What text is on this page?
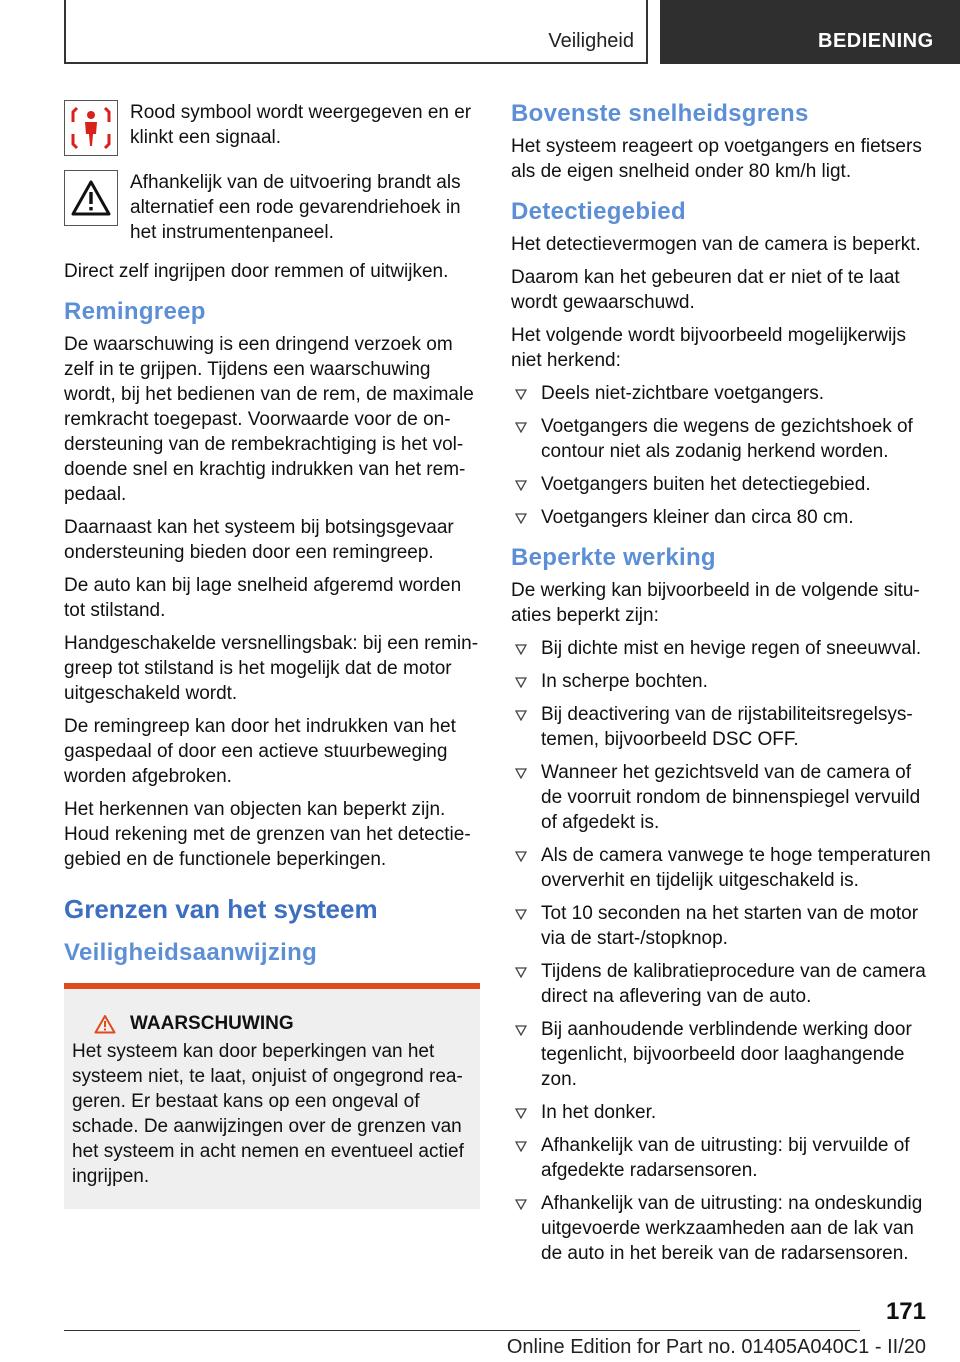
Veiligheid	BEDIENING

Rood symbool wordt weergegeven en er klinkt een signaal.

Afhankelijk van de uitvoering brandt als alternatief een rode gevarendriehoek in het instrumentenpaneel.

Direct zelf ingrijpen door remmen of uitwijken.

Remingreep

De waarschuwing is een dringend verzoek om zelf in te grijpen. Tijdens een waarschuwing wordt, bij het bedienen van de rem, de maximale remkracht toegepast. Voorwaarde voor de ondersteuning van de rembekrachtiging is het voldoende snel en krachtig indrukken van het rempedaal.

Daarnaast kan het systeem bij botsingsgevaar ondersteuning bieden door een remingreep.

De auto kan bij lage snelheid afgeremd worden tot stilstand.

Handgeschakelde versnellingsbak: bij een remingreep tot stilstand is het mogelijk dat de motor uitgeschakeld wordt.

De remingreep kan door het indrukken van het gaspedaal of door een actieve stuurbeweging worden afgebroken.

Het herkennen van objecten kan beperkt zijn. Houd rekening met de grenzen van het detectiegebied en de functionele beperkingen.

Grenzen van het systeem
Veiligheidsaanwijzing
WAARSCHUWING

Het systeem kan door beperkingen van het systeem niet, te laat, onjuist of ongegrond reageren. Er bestaat kans op een ongeval of schade. De aanwijzingen over de grenzen van het systeem in acht nemen en eventueel actief ingrijpen.

Bovenste snelheidsgrens

Het systeem reageert op voetgangers en fietsers als de eigen snelheid onder 80 km/h ligt.

Detectiegebied

Het detectievermogen van de camera is beperkt.

Daarom kan het gebeuren dat er niet of te laat wordt gewaarschuwd.

Het volgende wordt bijvoorbeeld mogelijkerwijs niet herkend:

Deels niet-zichtbare voetgangers.
Voetgangers die wegens de gezichtshoek of contour niet als zodanig herkend worden.
Voetgangers buiten het detectiegebied.
Voetgangers kleiner dan circa 80 cm.
Beperkte werking

De werking kan bijvoorbeeld in de volgende situaties beperkt zijn:

Bij dichte mist en hevige regen of sneeuwval.
In scherpe bochten.
Bij deactivering van de rijstabiliteitsregelsystemen, bijvoorbeeld DSC OFF.
Wanneer het gezichtsveld van de camera of de voorruit rondom de binnenspiegel vervuild of afgedekt is.
Als de camera vanwege te hoge temperaturen oververhit en tijdelijk uitgeschakeld is.
Tot 10 seconden na het starten van de motor via de start-/stopknop.
Tijdens de kalibratieprocedure van de camera direct na aflevering van de auto.
Bij aanhoudende verblindende werking door tegenlicht, bijvoorbeeld door laaghangende zon.
In het donker.
Afhankelijk van de uitrusting: bij vervuilde of afgedekte radarsensoren.
Afhankelijk van de uitrusting: na ondeskundig uitgevoerde werkzaamheden aan de lak van de auto in het bereik van de radarsensoren.
171
Online Edition for Part no. 01405A040C1 - II/20
